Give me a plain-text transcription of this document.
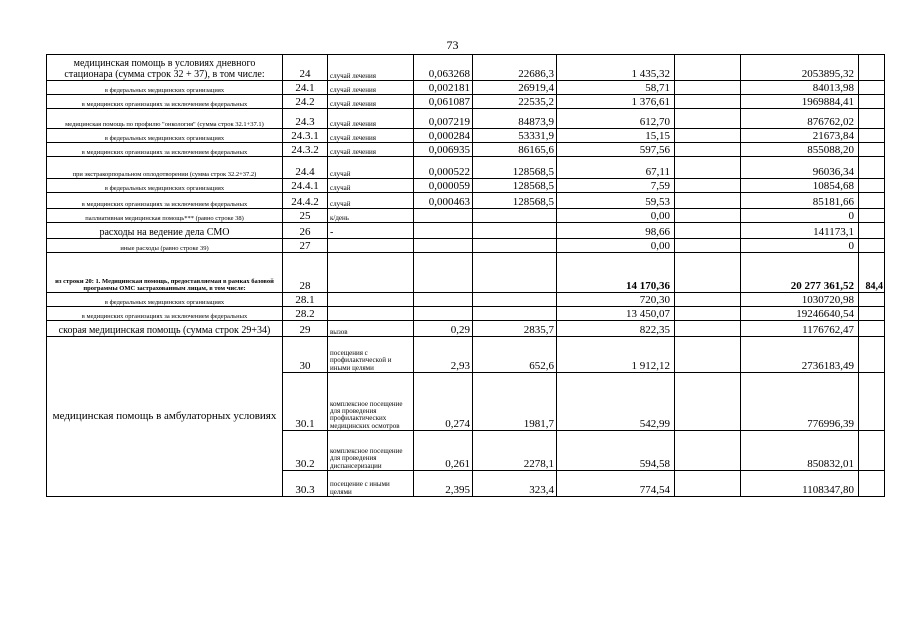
73
медицинская помощь в условиях дневного стационара (сумма строк 32 + 37), в том числе:	24	случай лечения	0,063268	22686,3	1 435,32		2053895,32	
в федеральных медицинских организациях	24.1	случай лечения	0,002181	26919,4	58,71		84013,98	
в медицинских организациях за исключением федеральных	24.2	случай лечения	0,061087	22535,2	1 376,61		1969884,41	
медицинская помощь по профилю "онкология" (сумма строк 32.1+37.1)	24.3	случай лечения	0,007219	84873,9	612,70		876762,02	
в федеральных медицинских организациях	24.3.1	случай лечения	0,000284	53331,9	15,15		21673,84	
в медицинских организациях за исключением федеральных	24.3.2	случай лечения	0,006935	86165,6	597,56		855088,20	
при экстракорпоральном оплодотворении (сумма строк 32.2+37.2)	24.4	случай	0,000522	128568,5	67,11		96036,34	
в федеральных медицинских организациях	24.4.1	случай	0,000059	128568,5	7,59		10854,68	
в медицинских организациях за исключением федеральных	24.4.2	случай	0,000463	128568,5	59,53		85181,66	
паллиативная медицинская помощь*** (равно строке 38)	25	к/день			0,00		0	
расходы на ведение дела СМО	26	-			98,66		141173,1	
иные расходы (равно строке 39)	27				0,00		0	
из строки 20: 1. Медицинская помощь, предоставляемая в рамках базовой программы ОМС застрахованным лицам, в том числе:	28				14 170,36		20 277 361,52	84,4
в федеральных медицинских организациях	28.1				720,30		1030720,98	
в медицинских организациях за исключением федеральных	28.2				13 450,07		19246640,54	
скорая медицинская помощь (сумма строк 29+34)	29	вызов	0,29	2835,7	822,35		1176762,47	
медицинская помощь в амбулаторных условиях	30	посещения с профилактической и иными целями	2,93	652,6	1 912,12		2736183,49	
	30.1	комплексное посещение для проведения профилактических медицинских осмотров	0,274	1981,7	542,99		776996,39	
	30.2	комплексное посещение для проведения диспансеризации	0,261	2278,1	594,58		850832,01	
	30.3	посещение с иными целями	2,395	323,4	774,54		1108347,80	
